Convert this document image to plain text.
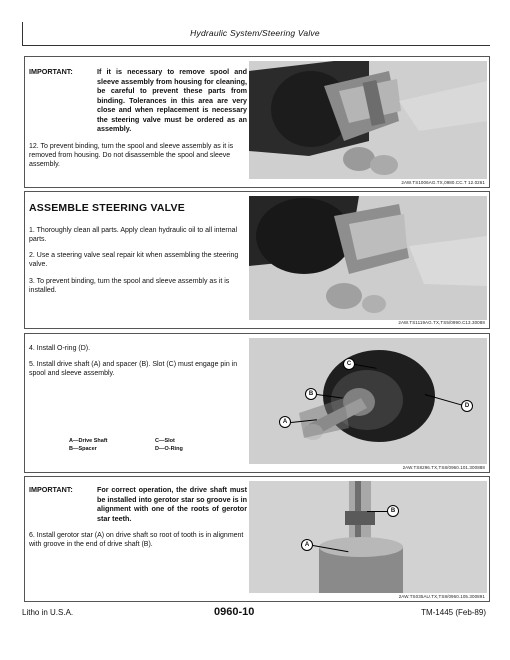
Hydraulic System/Steering Valve
IMPORTANT:	If it is necessary to remove spool and sleeve assembly from housing for cleaning, be careful to prevent these parts from binding. Tolerances in this area are very close and when replacement is necessary the steering valve must be ordered as an assembly.
12. To prevent binding, turn the spool and sleeve assembly as it is removed from housing. Do not disassemble the spool and sleeve assembly.
2AW.TS1006AG.TX,0980.CC.T 12.0261
ASSEMBLE STEERING VALVE
1. Thoroughly clean all parts. Apply clean hydraulic oil to all internal parts.
2. Use a steering valve seal repair kit when assembling the steering valve.
3. To prevent binding, turn the spool and sleeve assembly as it is installed.
2AW.TS1119AG.TX,TS5/0990.C13.30088
4. Install O-ring (D).
5. Install drive shaft (A) and spacer (B). Slot (C) must engage pin in spool and sleeve assembly.
A—Drive Shaft
B—Spacer
C—Slot
D—O-Ring
C
B
A
D
2AW.TS8296.TX,TS8/0960.101.300888
IMPORTANT:	For correct operation, the drive shaft must be installed into gerotor star so groove is in alignment with one of the roots of gerotor star teeth.
6. Install gerotor star (A) on drive shaft so root of tooth is in alignment with groove in the end of drive shaft (B).
B
A
2AW.TS035AU.TX,TS8/0960.105.300891
Litho in U.S.A.	0960-10	TM-1445 (Feb-89)
